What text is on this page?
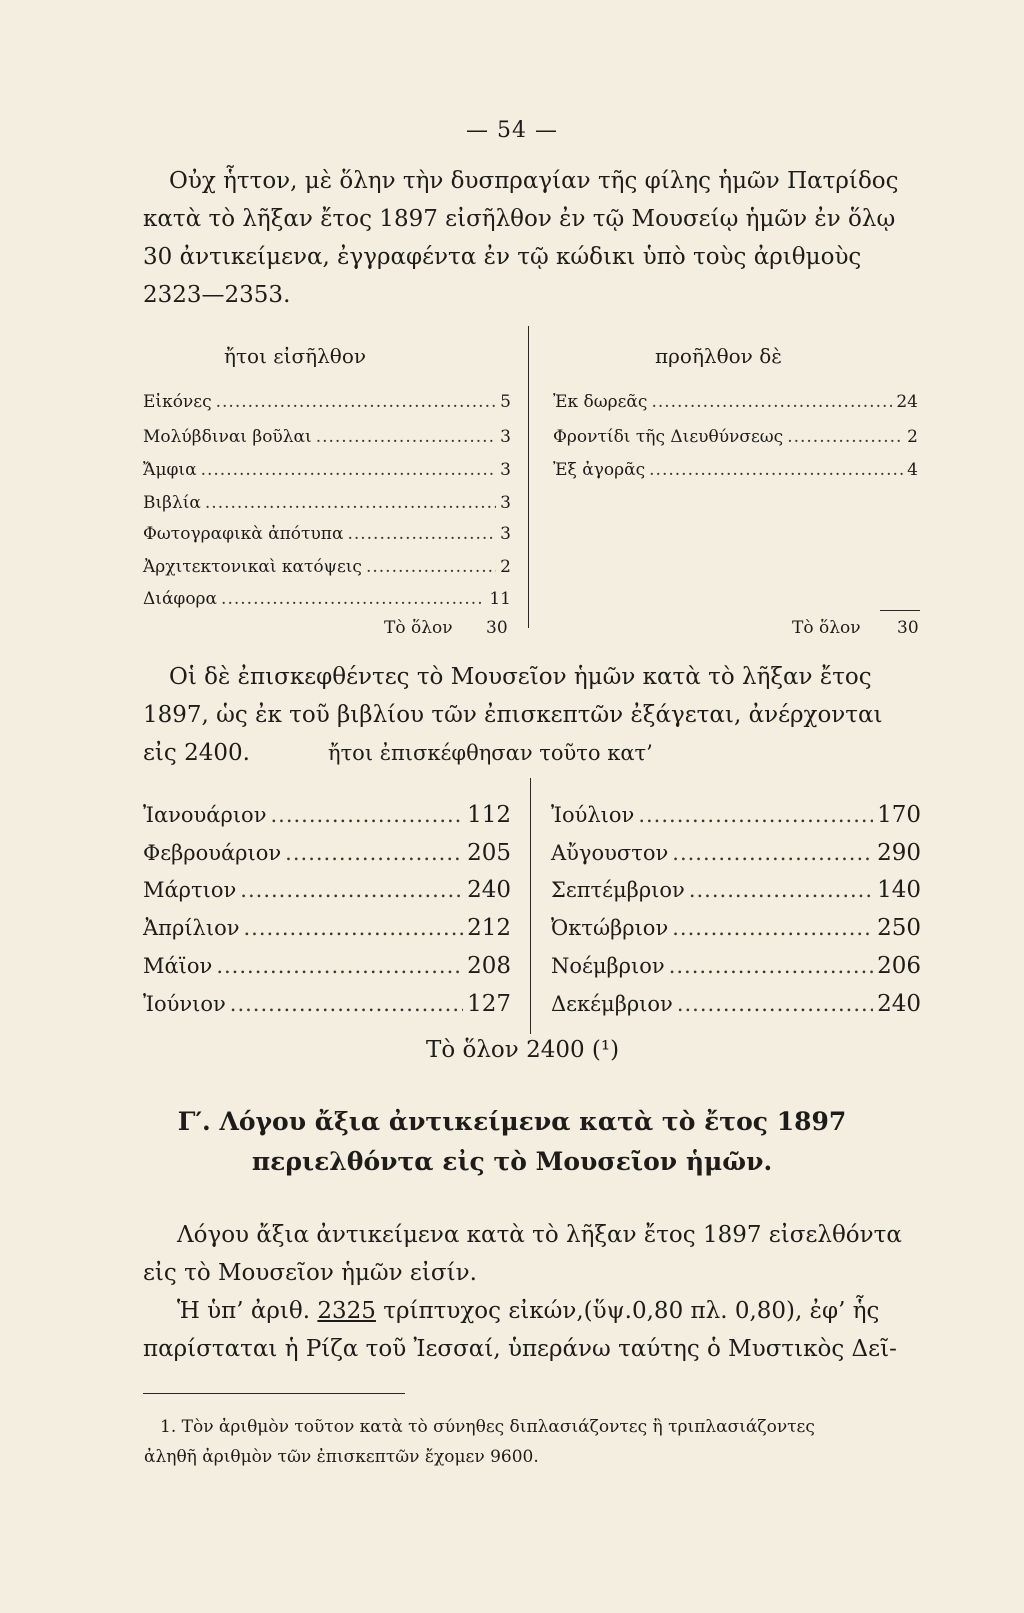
— 54 —
Οὐχ ἧττον, μὲ ὅλην τὴν δυσπραγίαν τῆς φίλης ἡμῶν Πατρίδος
κατὰ τὸ λῆξαν ἔτος 1897 εἰσῆλθον ἐν τῷ Μουσείῳ ἡμῶν ἐν ὅλῳ
30 ἀντικείμενα, ἐγγραφέντα ἐν τῷ κώδικι ὑπὸ τοὺς ἀριθμοὺς
2323—2353.
ἤτοι εἰσῆλθον	προῆλθον δὲ
Εἰκόνες .....	5
Μολύβδιναι βοῦλαι .....	3
Ἄμφια .....	3
Βιβλία .....	3
Φωτογραφικὰ ἀπότυπα .....	3
Ἀρχιτεκτονικαὶ κατόψεις .....	2
Διάφορα .....	11
Τὸ ὅλον 30
Ἐκ δωρεᾶς .....	24
Φροντίδι τῆς Διευθύνσεως .....	2
Ἐξ ἀγορᾶς .....	4
Τὸ ὅλον 30
Οἱ δὲ ἐπισκεφθέντες τὸ Μουσεῖον ἡμῶν κατὰ τὸ λῆξαν ἔτος
1897, ὡς ἐκ τοῦ βιβλίου τῶν ἐπισκεπτῶν ἐξάγεται, ἀνέρχονται
εἰς 2400.	ἤτοι ἐπισκέφθησαν τοῦτο κατ’
Ἰανουάριον .....	112
Φεβρουάριον .....	205
Μάρτιον .....	240
Ἀπρίλιον .....	212
Μάϊον .....	208
Ἰούνιον .....	127
Ἰούλιον .....	170
Αὔγουστον .....	290
Σεπτέμβριον .....	140
Ὀκτώβριον .....	250
Νοέμβριον .....	206
Δεκέμβριον .....	240
Τὸ ὅλον 2400 (¹)
Γ′. Λόγου ἄξια ἀντικείμενα κατὰ τὸ ἔτος 1897
περιελθόντα εἰς τὸ Μουσεῖον ἡμῶν.
Λόγου ἄξια ἀντικείμενα κατὰ τὸ λῆξαν ἔτος 1897 εἰσελθόντα
εἰς τὸ Μουσεῖον ἡμῶν εἰσίν.
Ἡ ὑπ’ ἀριθ. 2325 τρίπτυχος εἰκών,(ὕψ.0,80 πλ. 0,80), ἐφ’ ἧς
παρίσταται ἡ Ρίζα τοῦ Ἰεσσαί, ὑπεράνω ταύτης ὁ Μυστικὸς Δεῖ-
1. Τὸν ἀριθμὸν τοῦτον κατὰ τὸ σύνηθες διπλασιάζοντες ἢ τριπλασιάζοντες
ἀληθῆ ἀριθμὸν τῶν ἐπισκεπτῶν ἔχομεν 9600.
